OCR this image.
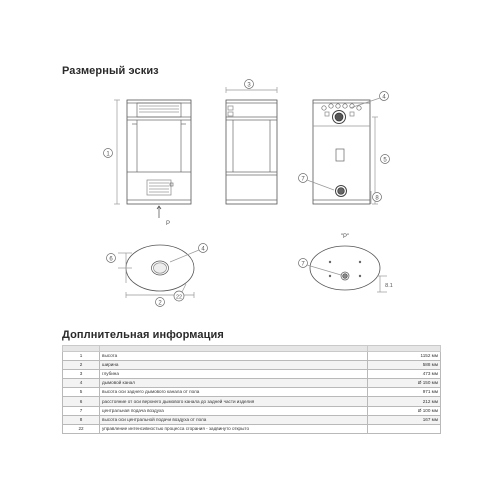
Размерный эскиз
1
3
4
5
7
8
4
6
2
22
7
8.1
P
"P"
Доплнительная информация

1	высота	1152 мм
2	ширина	588 мм
3	глубина	473 мм
4	дымовой канал	Ø 150 мм
5	высота оси заднего дымового канала от пола	971 мм
6	расстояние от оси верхнего дымового канала до задней части изделия	212 мм
7	центральная подача воздуха	Ø 100 мм
8	высота оси центральной подачи воздуха от пола	167 мм
22	управление интенсивностью процесса сгорания - задвинуто открыто	
